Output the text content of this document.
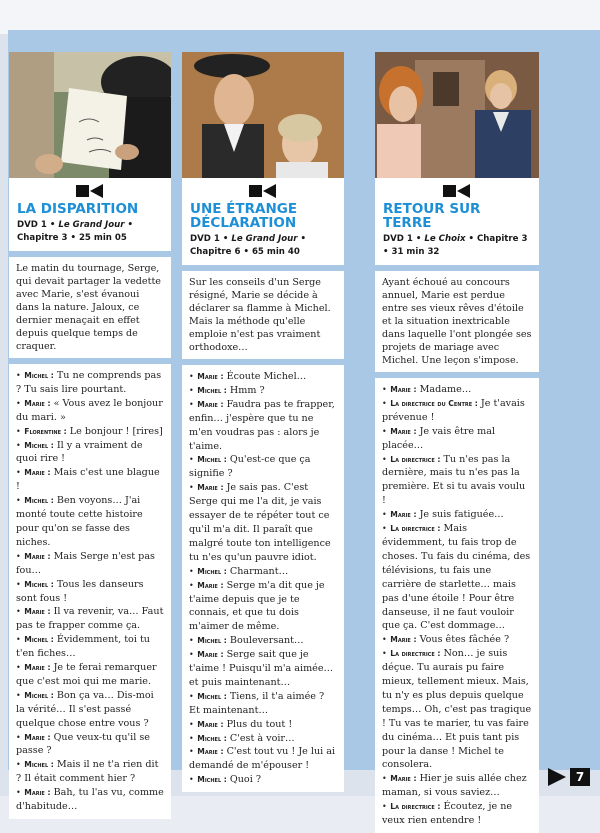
LA DISPARITION
DVD 1 • Le Grand Jour • Chapitre 3 • 25 min 05
Le matin du tournage, Serge, qui devait partager la vedette avec Marie, s'est évanoui dans la nature. Jaloux, ce dernier menaçait en effet depuis quelque temps de craquer.

• Michel : Tu ne comprends pas ? Tu sais lire pourtant.

• Marie : « Vous avez le bonjour du mari. »

• Florentine : Le bonjour ! [rires]

• Michel : Il y a vraiment de quoi rire !

• Marie : Mais c'est une blague !

• Michel : Ben voyons… J'ai monté toute cette histoire pour qu'on se fasse des niches.

• Marie : Mais Serge n'est pas fou…

• Michel : Tous les danseurs sont fous !

• Marie : Il va revenir, va… Faut pas te frapper comme ça.

• Michel : Évidemment, toi tu t'en fiches…

• Marie : Je te ferai remarquer que c'est moi qui me marie.

• Michel : Bon ça va… Dis-moi la vérité… Il s'est passé quelque chose entre vous ?

• Marie : Que veux-tu qu'il se passe ?

• Michel : Mais il ne t'a rien dit ? Il était comment hier ?

• Marie : Bah, tu l'as vu, comme d'habitude…

UNE ÉTRANGE DÉCLARATION
DVD 1 • Le Grand Jour • Chapitre 6 • 65 min 40
Sur les conseils d'un Serge résigné, Marie se décide à déclarer sa flamme à Michel. Mais la méthode qu'elle emploie n'est pas vraiment orthodoxe…

• Marie : Écoute Michel…

• Michel : Hmm ?

• Marie : Faudra pas te frapper, enfin… j'espère que tu ne m'en voudras pas : alors je t'aime.

• Michel : Qu'est-ce que ça signifie ?

• Marie : Je sais pas. C'est Serge qui me l'a dit, je vais essayer de te répéter tout ce qu'il m'a dit. Il paraît que malgré toute ton intelligence tu n'es qu'un pauvre idiot.

• Michel : Charmant…

• Marie : Serge m'a dit que je t'aime depuis que je te connais, et que tu dois m'aimer de même.

• Michel : Bouleversant…

• Marie : Serge sait que je t'aime ! Puisqu'il m'a aimée… et puis maintenant…

• Michel : Tiens, il t'a aimée ? Et maintenant…

• Marie : Plus du tout !

• Michel : C'est à voir…

• Marie : C'est tout vu ! Je lui ai demandé de m'épouser !

• Michel : Quoi ?

RETOUR SUR TERRE
DVD 1 • Le Choix • Chapitre 3 • 31 min 32
Ayant échoué au concours annuel, Marie est perdue entre ses vieux rêves d'étoile et la situation inextricable dans laquelle l'ont plongée ses projets de mariage avec Michel. Une leçon s'impose.

• Marie : Madame…

• La directrice du Centre : Je t'avais prévenue !

• Marie : Je vais être mal placée…

• La directrice : Tu n'es pas la dernière, mais tu n'es pas la première. Et si tu avais voulu !

• Marie : Je suis fatiguée…

• La directrice : Mais évidemment, tu fais trop de choses. Tu fais du cinéma, des télévisions, tu fais une carrière de starlette… mais pas d'une étoile ! Pour être danseuse, il ne faut vouloir que ça. C'est dommage…

• Marie : Vous êtes fâchée ?

• La directrice : Non… je suis déçue. Tu aurais pu faire mieux, tellement mieux. Mais, tu n'y es plus depuis quelque temps… Oh, c'est pas tragique ! Tu vas te marier, tu vas faire du cinéma… Et puis tant pis pour la danse ! Michel te consolera.

• Marie : Hier je suis allée chez maman, si vous saviez…

• La directrice : Écoutez, je ne veux rien entendre !

7
